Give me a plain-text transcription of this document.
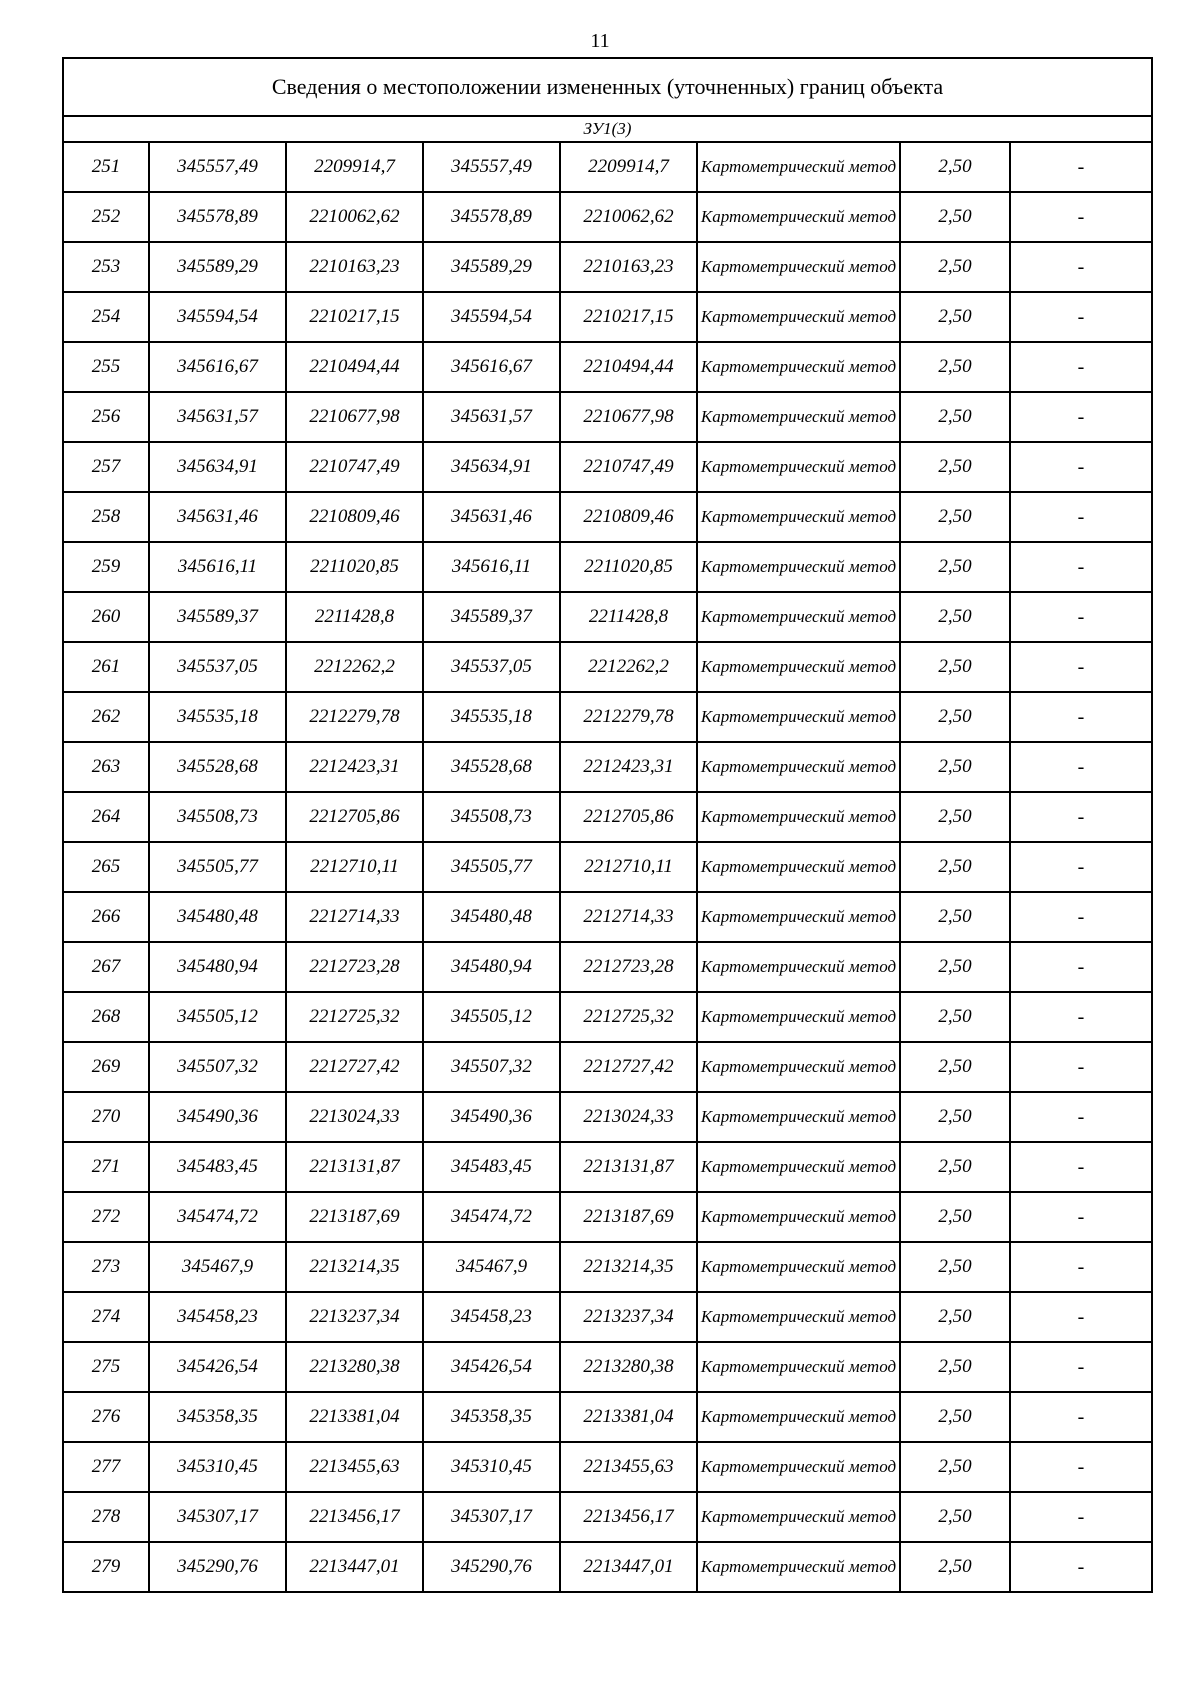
11
Сведения о местоположении измененных (уточненных) границ объекта							
ЗУ1(3)							
251	345557,49	2209914,7	345557,49	2209914,7	Картометрический метод	2,50	-
252	345578,89	2210062,62	345578,89	2210062,62	Картометрический метод	2,50	-
253	345589,29	2210163,23	345589,29	2210163,23	Картометрический метод	2,50	-
254	345594,54	2210217,15	345594,54	2210217,15	Картометрический метод	2,50	-
255	345616,67	2210494,44	345616,67	2210494,44	Картометрический метод	2,50	-
256	345631,57	2210677,98	345631,57	2210677,98	Картометрический метод	2,50	-
257	345634,91	2210747,49	345634,91	2210747,49	Картометрический метод	2,50	-
258	345631,46	2210809,46	345631,46	2210809,46	Картометрический метод	2,50	-
259	345616,11	2211020,85	345616,11	2211020,85	Картометрический метод	2,50	-
260	345589,37	2211428,8	345589,37	2211428,8	Картометрический метод	2,50	-
261	345537,05	2212262,2	345537,05	2212262,2	Картометрический метод	2,50	-
262	345535,18	2212279,78	345535,18	2212279,78	Картометрический метод	2,50	-
263	345528,68	2212423,31	345528,68	2212423,31	Картометрический метод	2,50	-
264	345508,73	2212705,86	345508,73	2212705,86	Картометрический метод	2,50	-
265	345505,77	2212710,11	345505,77	2212710,11	Картометрический метод	2,50	-
266	345480,48	2212714,33	345480,48	2212714,33	Картометрический метод	2,50	-
267	345480,94	2212723,28	345480,94	2212723,28	Картометрический метод	2,50	-
268	345505,12	2212725,32	345505,12	2212725,32	Картометрический метод	2,50	-
269	345507,32	2212727,42	345507,32	2212727,42	Картометрический метод	2,50	-
270	345490,36	2213024,33	345490,36	2213024,33	Картометрический метод	2,50	-
271	345483,45	2213131,87	345483,45	2213131,87	Картометрический метод	2,50	-
272	345474,72	2213187,69	345474,72	2213187,69	Картометрический метод	2,50	-
273	345467,9	2213214,35	345467,9	2213214,35	Картометрический метод	2,50	-
274	345458,23	2213237,34	345458,23	2213237,34	Картометрический метод	2,50	-
275	345426,54	2213280,38	345426,54	2213280,38	Картометрический метод	2,50	-
276	345358,35	2213381,04	345358,35	2213381,04	Картометрический метод	2,50	-
277	345310,45	2213455,63	345310,45	2213455,63	Картометрический метод	2,50	-
278	345307,17	2213456,17	345307,17	2213456,17	Картометрический метод	2,50	-
279	345290,76	2213447,01	345290,76	2213447,01	Картометрический метод	2,50	-
